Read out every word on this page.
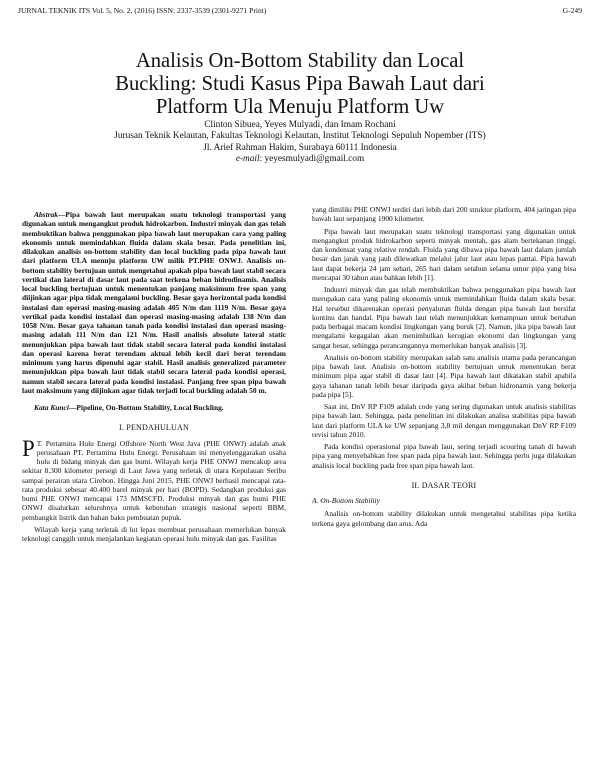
JURNAL TEKNIK ITS Vol. 5, No. 2, (2016) ISSN: 2337-3539 (2301-9271 Print)	G-249
Analisis On-Bottom Stability dan Local
Buckling: Studi Kasus Pipa Bawah Laut dari
Platform Ula Menuju Platform Uw

Clinton Sibuea, Yeyes Mulyadi, dan Imam Rochani

Jurusan Teknik Kelautan, Fakultas Teknologi Kelautan, Institut Teknologi Sepuluh Nopember (ITS)

Jl. Arief Rahman Hakim, Surabaya 60111 Indonesia

e-mail: yeyesmulyadi@gmail.com

Abstrak—Pipa bawah laut merupakan suatu teknologi transportasi yang digunakan untuk mengangkut produk hidrokarbon. Industri minyak dan gas telah membuktikan bahwa penggunakan pipa bawah laut merupakan cara yang paling ekonomis untuk memindahkan fluida dalam skala besar. Pada penelitian ini, dilakukan analisis on-bottom stability dan local buckling pada pipa bawah laut dari platform ULA menuju platform UW milik PT.PHE ONWJ. Analisis on-bottom stability bertujuan untuk mengetahui apakah pipa bawah laut stabil secara vertikal dan lateral di dasar laut pada saat terkena beban hidrodinamis. Analisis local buckling bertujuan untuk menentukan panjang maksimum free span yang diijinkan agar pipa tidak mengalami buckling. Besar gaya horizontal pada kondisi instalasi dan operasi masing-masing adalah 405 N/m dan 1119 N/m. Besar gaya vertikal pada kondisi instalasi dan operasi masing-masing adalah 138 N/m dan 1058 N/m. Besar gaya tahanan tanah pada kondisi instalasi dan operasi masing-masing adalah 111 N/m dan 121 N/m. Hasil analisis absolute lateral static menunjukkan pipa bawah laut tidak stabil secara lateral pada kondisi instalasi dan operasi karena berat terendam aktual lebih kecil dari berat terendam minimum yang harus dipenuhi agar stabil. Hasil analisis generalized parameter menunjukkan pipa bawah laut tidak stabil secara lateral pada kondisi operasi, namun stabil secara lateral pada kondisi instalasi. Panjang free span pipa bawah laut maksimum yang diijinkan agar tidak terjadi local buckling adalah 50 m.

Kata Kunci—Pipeline, On-Bottom Stability, Local Buckling.

I. PENDAHULUAN

P T. Pertamina Hulu Energi Offshore North West Java (PHE ONWJ) adalah anak perusahaan PT. Pertamina Hulu Energi. Perusahaan ini menyelenggarakan usaha hulu di bidang minyak dan gas bumi. Wilayah kerja PHE ONWJ mencakup area sekitar 8.300 kilometer persegi di Laut Jawa yang terletak di utara Kepulauan Seribu sampai perairan utara Cirebon. Hingga Juni 2015, PHE ONWJ berhasil mencapai rata-rata produksi sebesar 40.400 barel minyak per hari (BOPD). Sedangkan produksi gas bumi PHE ONWJ mencapai 173 MMSCFD. Produksi minyak dan gas bumi PHE ONWJ disalurkan seluruhnya untuk kebutuhan strategis nasional seperti BBM, pembangkit listrik dan bahan baku pembuatan pupuk.

Wilayah kerja yang terletak di lut lepas membuat perusahaan memerlukan banyak teknologi canggih untuk menjalankan kegiatan operasi hulu minyak dan gas. Fasilitas

yang dimiliki PHE ONWJ terdiri dari lebih dari 200 struktur platform, 404 jaringan pipa bawah laut sepanjang 1900 kilometer.

Pipa bawah laut merupakan suatu teknologi transportasi yang digunakan untuk mengangkut produk hidrokarbon seperti minyak mentah, gas alam bertekanan tinggi, dan kondensat yang relative rendah. Fluida yang dibawa pipa bawah laut dalam jumlah besar dan jarak yang jauh dilewatkan melalui jalur laut atau lepas pantai. Pipa bawah laut dapat bekerja 24 jam sehari, 265 hari dalam setahun selama umur pipa yang bisa mencapai 30 tahun atau bahkan lebih [1].

Industri minyak dan gas telah membuktikan bahwa penggunakan pipa bawah laut merupakan cara yang paling ekonomis untuk memindahkan fluida dalam skala besar. Hal tersebut dikarenakan operasi penyaluran fluida dengan pipa bawah laut bersifat kontinu dan handal. Pipa bawah laut telah menunjukkan kemampuan untuk bertahan pada berbagai macam kondisi lingkungan yang buruk [2]. Namun, jika pipa bawah laut mengalami kegagalan akan menimbulkan kerugian ekonomi dan lingkungan yang sangat besar, sehingga perancangannya memerlukan banyak analisis [3].

Analisis on-bottom stability merupakan salah satu analisis utama pada perancangan pipa bawah laut. Analisis on-bottom stability bertujuan untuk menentukan berat minimum pipa agar stabil di dasar laut [4]. Pipa bawah laut dikatakan stabil apabila gaya tahanan tanah lebih besar daripada gaya akibat beban hidronamis yang bekerja pada pipa [5].

Saat ini, DnV RP F109 adalah code yang sering digunakan untuk analisis stabilitas pipa bawah laut. Sehingga, pada penelitian ini dilakukan analisa stabilitas pipa bawah laut dari platform ULA ke UW sepanjang 3,8 mil dengan menggunakan DnV RP F109 revisi tahun 2010.

Pada kondisi operasional pipa bawah laut, sering terjadi scouring tanah di bawah pipa yang menyebabkan free span pada pipa bawah laut. Sehingga perlu juga dilakukan analisis local buckling pada free span pipa bawah laut.

II. DASAR TEORI
A. On-Bottom Stability

Analisis on-bottom stability dilakukan untuk mengetahui stabilitas pipa ketika terkena gaya gelombang dan arus. Ada
